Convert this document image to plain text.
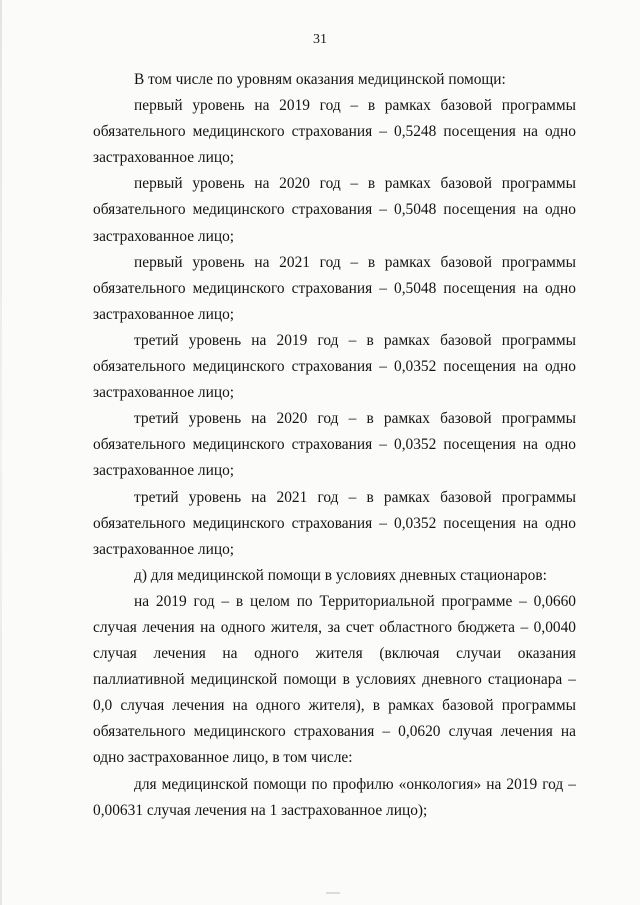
31

В том числе по уровням оказания медицинской помощи:

первый уровень на 2019 год – в рамках базовой программы обязательного медицинского страхования – 0,5248 посещения на одно застрахованное лицо;

первый уровень на 2020 год – в рамках базовой программы обязательного медицинского страхования – 0,5048 посещения на одно застрахованное лицо;

первый уровень на 2021 год – в рамках базовой программы обязательного медицинского страхования – 0,5048 посещения на одно застрахованное лицо;

третий уровень на 2019 год – в рамках базовой программы обязательного медицинского страхования – 0,0352 посещения на одно застрахованное лицо;

третий уровень на 2020 год – в рамках базовой программы обязательного медицинского страхования – 0,0352 посещения на одно застрахованное лицо;

третий уровень на 2021 год – в рамках базовой программы обязательного медицинского страхования – 0,0352 посещения на одно застрахованное лицо;

д) для медицинской помощи в условиях дневных стационаров:

на 2019 год – в целом по Территориальной программе – 0,0660 случая лечения на одного жителя, за счет областного бюджета – 0,0040 случая лечения на одного жителя (включая случаи оказания паллиативной медицинской помощи в условиях дневного стационара – 0,0 случая лечения на одного жителя), в рамках базовой программы обязательного медицинского страхования – 0,0620 случая лечения на одно застрахованное лицо, в том числе:

для медицинской помощи по профилю «онкология» на 2019 год – 0,00631 случая лечения на 1 застрахованное лицо);
